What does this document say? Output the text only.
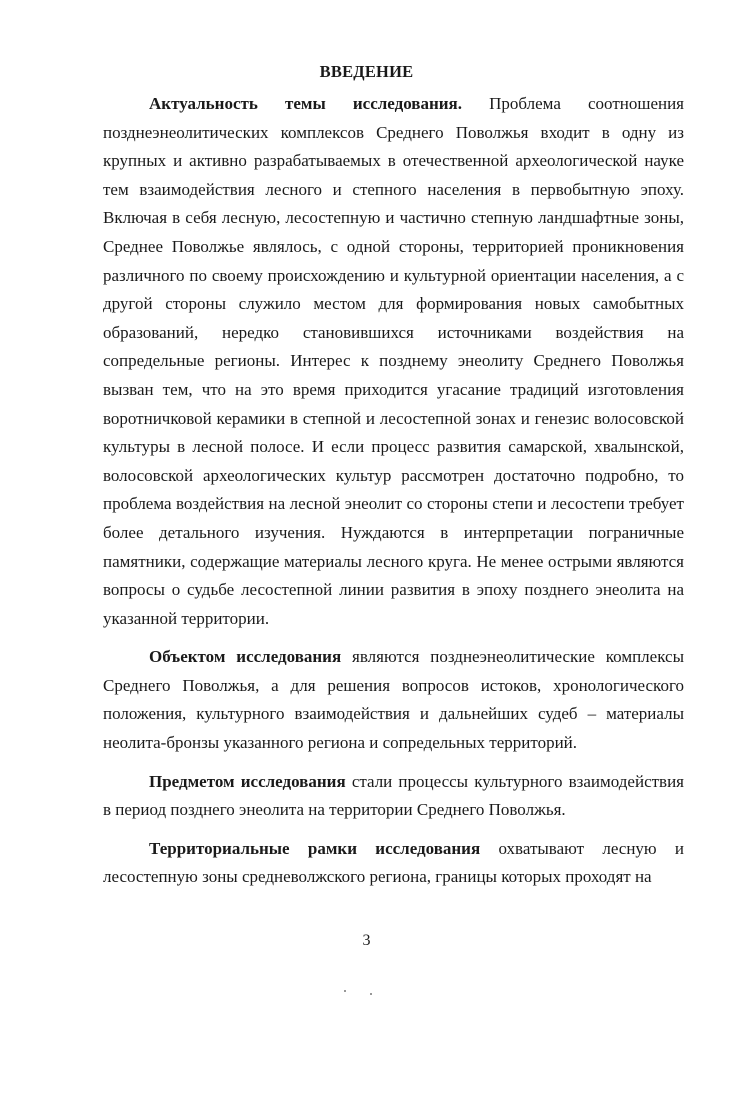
ВВЕДЕНИЕ

Актуальность темы исследования. Проблема соотношения позднеэнеолитических комплексов Среднего Поволжья входит в одну из крупных и активно разрабатываемых в отечественной археологической науке тем взаимодействия лесного и степного населения в первобытную эпоху. Включая в себя лесную, лесостепную и частично степную ландшафтные зоны, Среднее Поволжье являлось, с одной стороны, территорией проникновения различного по своему происхождению и культурной ориентации населения, а с другой стороны служило местом для формирования новых самобытных образований, нередко становившихся источниками воздействия на сопредельные регионы. Интерес к позднему энеолиту Среднего Поволжья вызван тем, что на это время приходится угасание традиций изготовления воротничковой керамики в степной и лесостепной зонах и генезис волосовской культуры в лесной полосе. И если процесс развития самарской, хвалынской, волосовской археологических культур рассмотрен достаточно подробно, то проблема воздействия на лесной энеолит со стороны степи и лесостепи требует более детального изучения. Нуждаются в интерпретации пограничные памятники, содержащие материалы лесного круга. Не менее острыми являются вопросы о судьбе лесостепной линии развития в эпоху позднего энеолита на указанной территории.

Объектом исследования являются позднеэнеолитические комплексы Среднего Поволжья, а для решения вопросов истоков, хронологического положения, культурного взаимодействия и дальнейших судеб – материалы неолита-бронзы указанного региона и сопредельных территорий.

Предметом исследования стали процессы культурного взаимодействия в период позднего энеолита на территории Среднего Поволжья.

Территориальные рамки исследования охватывают лесную и лесостепную зоны средневолжского региона, границы которых проходят на

3
